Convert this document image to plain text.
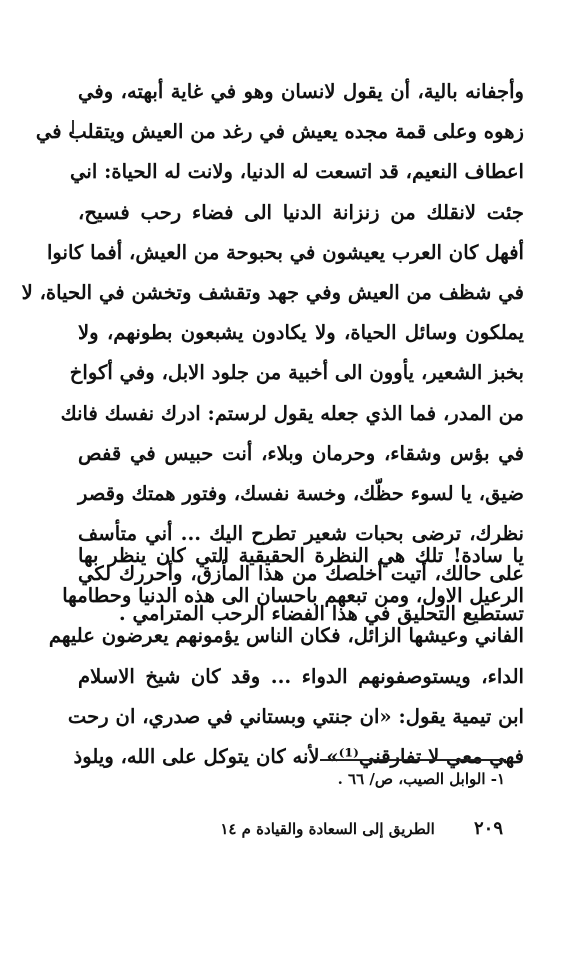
وأجفانه بالية، أن يقول لانسان وهو في غاية أبهته، وفي
زهوه وعلى قمة مجده يعيش في رغد من العيش ويتقلب في
اعطاف النعيم، قد اتسعت له الدنيا، ولانت له الحياة: اني
جئت لانقلك من زنزانة الدنيا الى فضاء رحب فسيح،
أفهل كان العرب يعيشون في بحبوحة من العيش، أفما كانوا
في شظف من العيش وفي جهد وتقشف وتخشن في الحياة، لا
يملكون وسائل الحياة، ولا يكادون يشبعون بطونهم، ولا
بخبز الشعير، يأوون الى أخبية من جلود الابل، وفي أكواخ
من المدر، فما الذي جعله يقول لرستم: ادرك نفسك فانك
في بؤس وشقاء، وحرمان وبلاء، أنت حبيس في قفص
ضيق، يا لسوء حظّك، وخسة نفسك، وفتور همتك وقصر
نظرك، ترضى بحبات شعير تطرح اليك ... أني متأسف
على حالك، أتيت أخلصك من هذا المأزق، وأحررك لكي
تستطيع التحليق في هذا الفضاء الرحب المترامي .
يا سادة! تلك هي النظرة الحقيقية التي كان ينظر بها
الرعيل الاول، ومن تبعهم باحسان الى هذه الدنيا وحطامها
الفاني وعيشها الزائل، فكان الناس يؤمونهم يعرضون عليهم
الداء، ويستوصفونهم الدواء ... وقد كان شيخ الاسلام
ابن تيمية يقول: «ان جنتي وبستاني في صدري، ان رحت
فهي معي لا تفارقني⁽¹⁾» لأنه كان يتوكل على الله، ويلوذ
١- الوابل الصيب، ص/ ٦٦ .
٢٠٩ الطريق إلى السعادة والقيادة م ١٤
